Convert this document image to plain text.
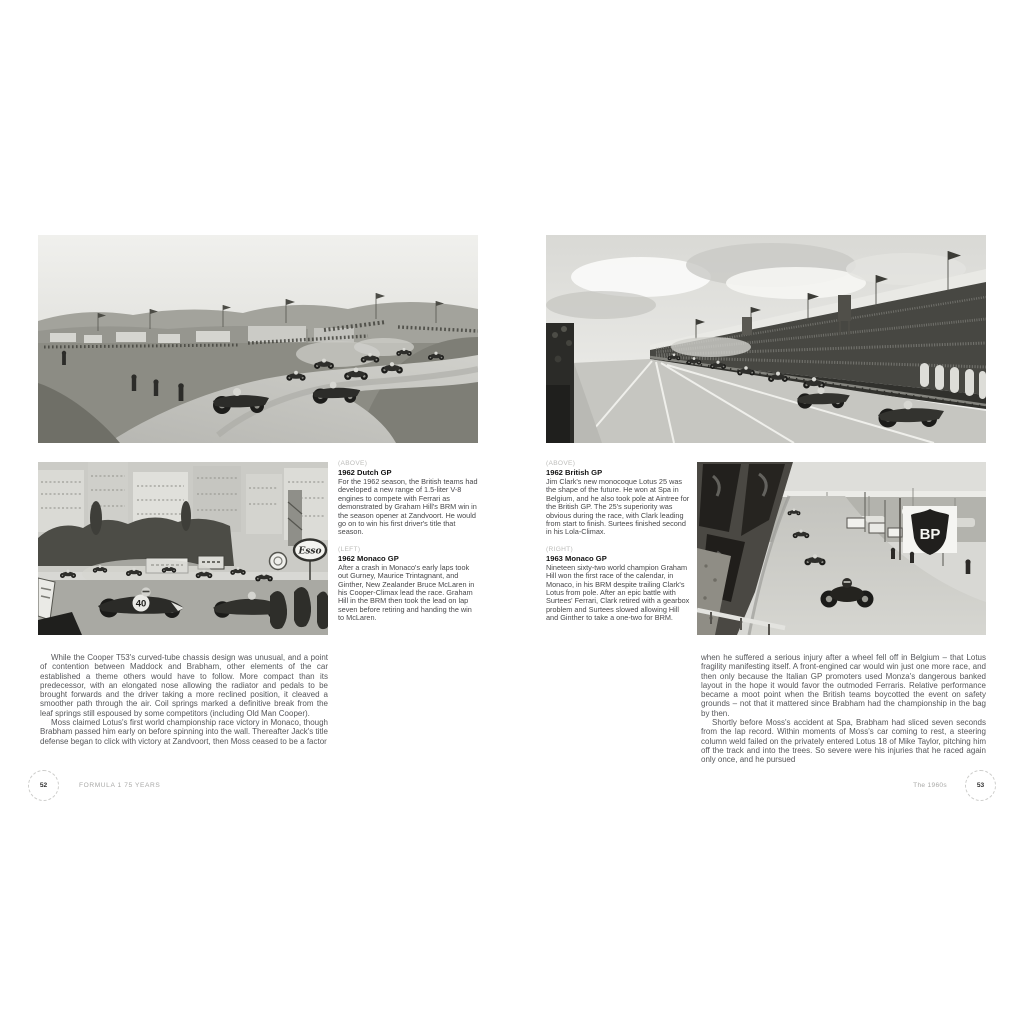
Esso
40
BP

(ABOVE)

1962 Dutch GP

For the 1962 season, the British teams had developed a new range of 1.5-liter V-8 engines to compete with Ferrari as demonstrated by Graham Hill's BRM win in the season opener at Zandvoort. He would go on to win his first driver's title that season.

(LEFT)

1962 Monaco GP

After a crash in Monaco's early laps took out Gurney, Maurice Trintagnant, and Ginther, New Zealander Bruce McLaren in his Cooper-Climax lead the race. Graham Hill in the BRM then took the lead on lap seven before retiring and handing the win to McLaren.

(ABOVE)

1962 British GP

Jim Clark's new monocoque Lotus 25 was the shape of the future. He won at Spa in Belgium, and he also took pole at Aintree for the British GP. The 25's superiority was obvious during the race, with Clark leading from start to finish. Surtees finished second in his Lola-Climax.

(RIGHT)

1963 Monaco GP

Nineteen sixty-two world champion Graham Hill won the first race of the calendar, in Monaco, in his BRM despite trailing Clark's Lotus from pole. After an epic battle with Surtees' Ferrari, Clark retired with a gearbox problem and Surtees slowed allowing Hill and Ginther to take a one-two for BRM.

While the Cooper T53's curved-tube chassis design was unusual, and a point of contention between Maddock and Brabham, other elements of the car established a theme others would have to follow. More compact than its predecessor, with an elongated nose allowing the radiator and pedals to be brought forwards and the driver taking a more reclined position, it cleaved a smoother path through the air. Coil springs marked a definitive break from the leaf springs still espoused by some competitors (including Old Man Cooper).

Moss claimed Lotus's first world championship race victory in Monaco, though Brabham passed him early on before spinning into the wall. Thereafter Jack's title defense began to click with victory at Zandvoort, then Moss ceased to be a factor

when he suffered a serious injury after a wheel fell off in Belgium – that Lotus fragility manifesting itself. A front-engined car would win just one more race, and then only because the Italian GP promoters used Monza's dangerous banked layout in the hope it would favor the outmoded Ferraris. Relative performance became a moot point when the British teams boycotted the event on safety grounds – not that it mattered since Brabham had the championship in the bag by then.

Shortly before Moss's accident at Spa, Brabham had sliced seven seconds from the lap record. Within moments of Moss's car coming to rest, a steering column weld failed on the privately entered Lotus 18 of Mike Taylor, pitching him off the track and into the trees. So severe were his injuries that he raced again only once, and he pursued

52	FORMULA 1 75 YEARS	The 1960s	53
